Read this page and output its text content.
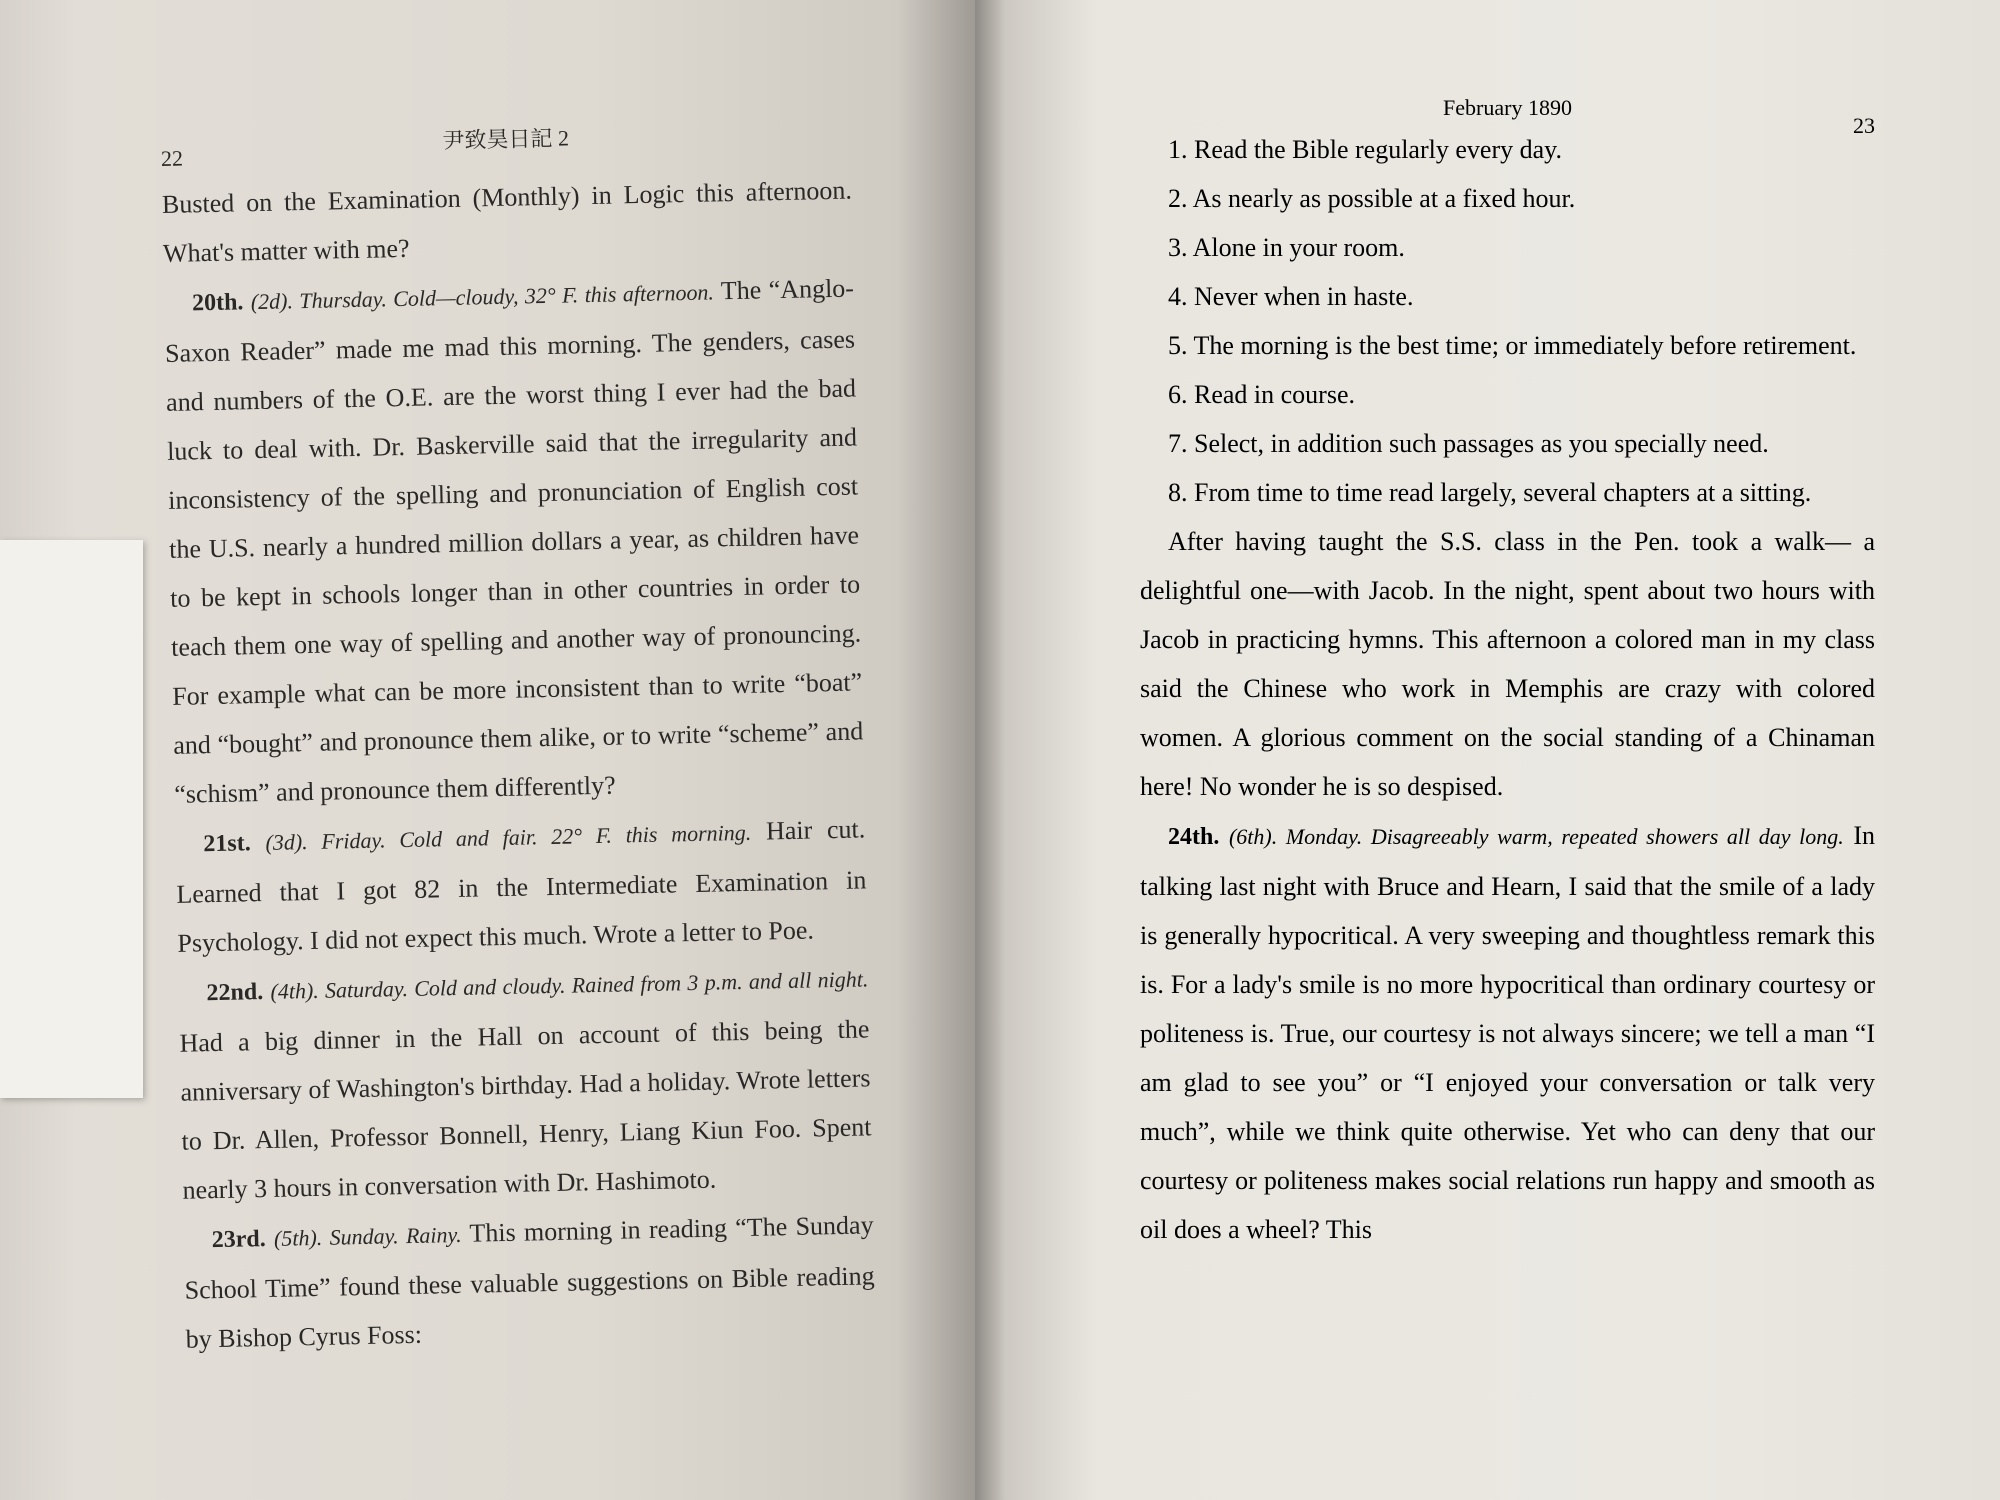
22
尹致昊日記 2

Busted on the Examination (Monthly) in Logic this afternoon. What's matter with me?

20th. (2d). Thursday. Cold—cloudy, 32° F. this afternoon. The “Anglo-Saxon Reader” made me mad this morning. The genders, cases and numbers of the O.E. are the worst thing I ever had the bad luck to deal with. Dr. Baskerville said that the irregularity and inconsistency of the spelling and pronunciation of English cost the U.S. nearly a hundred million dollars a year, as children have to be kept in schools longer than in other countries in order to teach them one way of spelling and another way of pronouncing. For example what can be more inconsistent than to write “boat” and “bought” and pronounce them alike, or to write “scheme” and “schism” and pronounce them differently?

21st. (3d). Friday. Cold and fair. 22° F. this morning. Hair cut. Learned that I got 82 in the Intermediate Examination in Psychology. I did not expect this much. Wrote a letter to Poe.

22nd. (4th). Saturday. Cold and cloudy. Rained from 3 p.m. and all night. Had a big dinner in the Hall on account of this being the anniversary of Washington's birthday. Had a holiday. Wrote letters to Dr. Allen, Professor Bonnell, Henry, Liang Kiun Foo. Spent nearly 3 hours in conversation with Dr. Hashimoto.

23rd. (5th). Sunday. Rainy. This morning in reading “The Sunday School Time” found these valuable suggestions on Bible reading by Bishop Cyrus Foss:

February 1890
23
1. Read the Bible regularly every day.
2. As nearly as possible at a fixed hour.
3. Alone in your room.
4. Never when in haste.
5. The morning is the best time; or immediately before retirement.
6. Read in course.
7. Select, in addition such passages as you specially need.
8. From time to time read largely, several chapters at a sitting.

After having taught the S.S. class in the Pen. took a walk— a delightful one—with Jacob. In the night, spent about two hours with Jacob in practicing hymns. This afternoon a colored man in my class said the Chinese who work in Memphis are crazy with colored women. A glorious comment on the social standing of a Chinaman here! No wonder he is so despised.

24th. (6th). Monday. Disagreeably warm, repeated showers all day long. In talking last night with Bruce and Hearn, I said that the smile of a lady is generally hypocritical. A very sweeping and thoughtless remark this is. For a lady's smile is no more hypocritical than ordinary courtesy or politeness is. True, our courtesy is not always sincere; we tell a man “I am glad to see you” or “I enjoyed your conversation or talk very much”, while we think quite otherwise. Yet who can deny that our courtesy or politeness makes social relations run happy and smooth as oil does a wheel? This
